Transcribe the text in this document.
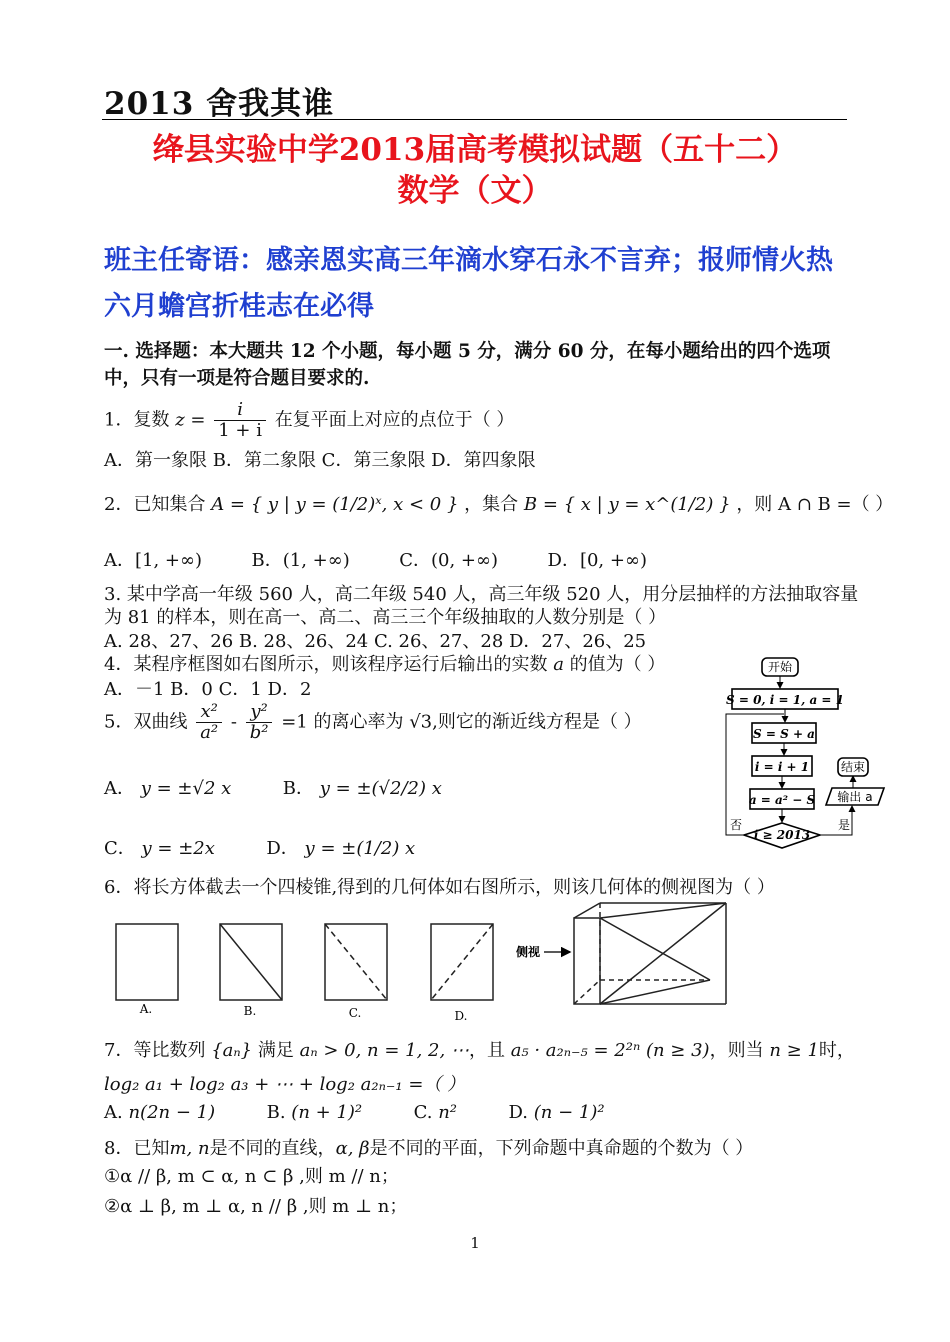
2013 舍我其谁
绛县实验中学2013届高考模拟试题（五十二）
数学（文）
班主任寄语：感亲恩实高三年滴水穿石永不言弃；报师情火热六月蟾宫折桂志在必得
一. 选择题：本大题共 12 个小题，每小题 5 分，满分 60 分，在每小题给出的四个选项中，只有一项是符合题目要求的.
1．复数 $z = \frac{i}{1 + i}$ 在复平面上对应的点位于（ ）
A．第一象限 B．第二象限 C．第三象限 D．第四象限
2．已知集合 A = { y | y = (1/2)ˣ, x < 0 } ，集合 B = { x | y = x^(1/2) } ，则 A ∩ B =（ ）
A．[1, +∞)	B．(1, +∞)	C．(0, +∞)	D．[0, +∞)
3. 某中学高一年级 560 人，高二年级 540 人，高三年级 520 人，用分层抽样的方法抽取容量
为 81 的样本，则在高一、高二、高三三个年级抽取的人数分别是（ ）
A. 28、27、26 B. 28、26、24 C. 26、27、28 D．27、26、25
4．某程序框图如右图所示，则该程序运行后输出的实数 a 的值为（ ）
A．－1 B．0 C．1 D．2
5．双曲线 $\frac{\text{x²}}{\text{a²}} - \frac{\text{y²}}{\text{b²}} =1$ 的离心率为 √3,则它的渐近线方程是（ ）
A． y = ±√2 x	B． y = ±(√2/2) x
C． y = ±2x	D． y = ±(1/2) x
开始
S = 0, i = 1, a = 1
S = S + a
i = i + 1
a = a² − S
i ≥ 2013
否	是
输出 a
结束
6．将长方体截去一个四棱锥,得到的几何体如右图所示，则该几何体的侧视图为（ ）
A.	B.	C.	D.
侧视
7．等比数列 {aₙ} 满足 aₙ > 0, n = 1, 2, ⋯，且 a₅ · a₂ₙ₋₅ = 2²ⁿ (n ≥ 3)，则当 n ≥ 1时，
log₂ a₁ + log₂ a₃ + ⋯ + log₂ a₂ₙ₋₁ =（ ）
A. n(2n − 1)	B. (n + 1)²	C. n²	D. (n − 1)²
8．已知m, n是不同的直线，α, β是不同的平面，下列命题中真命题的个数为（ ）
①α // β, m ⊂ α, n ⊂ β ,则 m // n；
②α ⊥ β, m ⊥ α, n // β ,则 m ⊥ n；
1
